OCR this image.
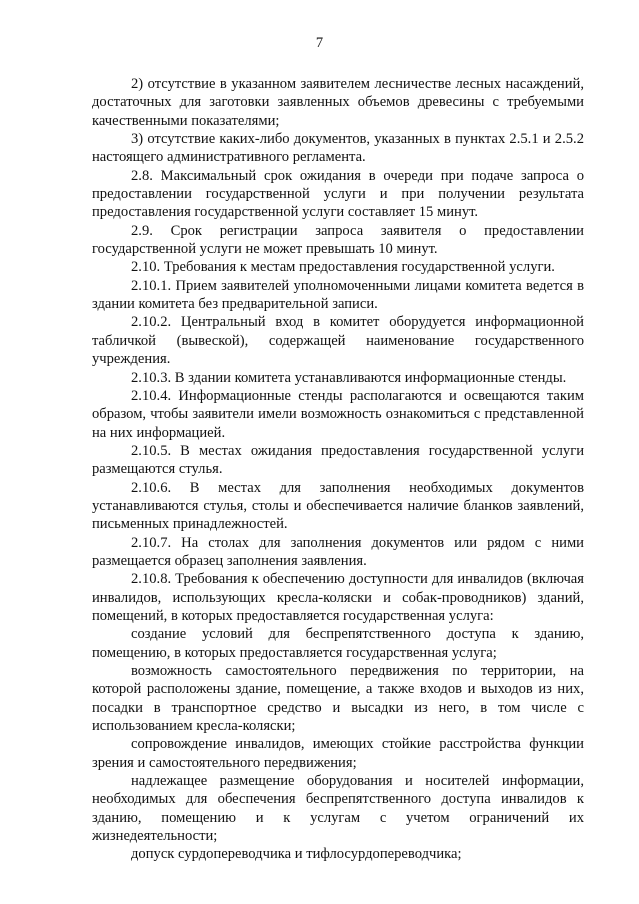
7

2) отсутствие в указанном заявителем лесничестве лесных насаждений, достаточных для заготовки заявленных объемов древесины с требуемыми качественными показателями;

3) отсутствие каких-либо документов, указанных в пунктах 2.5.1 и 2.5.2 настоящего административного регламента.

2.8. Максимальный срок ожидания в очереди при подаче запроса о предоставлении государственной услуги и при получении результата предоставления государственной услуги составляет 15 минут.

2.9. Срок регистрации запроса заявителя о предоставлении государственной услуги не может превышать 10 минут.

2.10. Требования к местам предоставления государственной услуги.

2.10.1. Прием заявителей уполномоченными лицами комитета ведется в здании комитета без предварительной записи.

2.10.2. Центральный вход в комитет оборудуется информационной табличкой (вывеской), содержащей наименование государственного учреждения.

2.10.3. В здании комитета устанавливаются информационные стенды.

2.10.4. Информационные стенды располагаются и освещаются таким образом, чтобы заявители имели возможность ознакомиться с представленной на них информацией.

2.10.5. В местах ожидания предоставления государственной услуги размещаются стулья.

2.10.6. В местах для заполнения необходимых документов устанавливаются стулья, столы и обеспечивается наличие бланков заявлений, письменных принадлежностей.

2.10.7. На столах для заполнения документов или рядом с ними размещается образец заполнения заявления.

2.10.8. Требования к обеспечению доступности для инвалидов (включая инвалидов, использующих кресла-коляски и собак-проводников) зданий, помещений, в которых предоставляется государственная услуга:

создание условий для беспрепятственного доступа к зданию, помещению, в которых предоставляется государственная услуга;

возможность самостоятельного передвижения по территории, на которой расположены здание, помещение, а также входов и выходов из них, посадки в транспортное средство и высадки из него, в том числе с использованием кресла-коляски;

сопровождение инвалидов, имеющих стойкие расстройства функции зрения и самостоятельного передвижения;

надлежащее размещение оборудования и носителей информации, необходимых для обеспечения беспрепятственного доступа инвалидов к зданию, помещению и к услугам с учетом ограничений их жизнедеятельности;

допуск сурдопереводчика и тифлосурдопереводчика;
